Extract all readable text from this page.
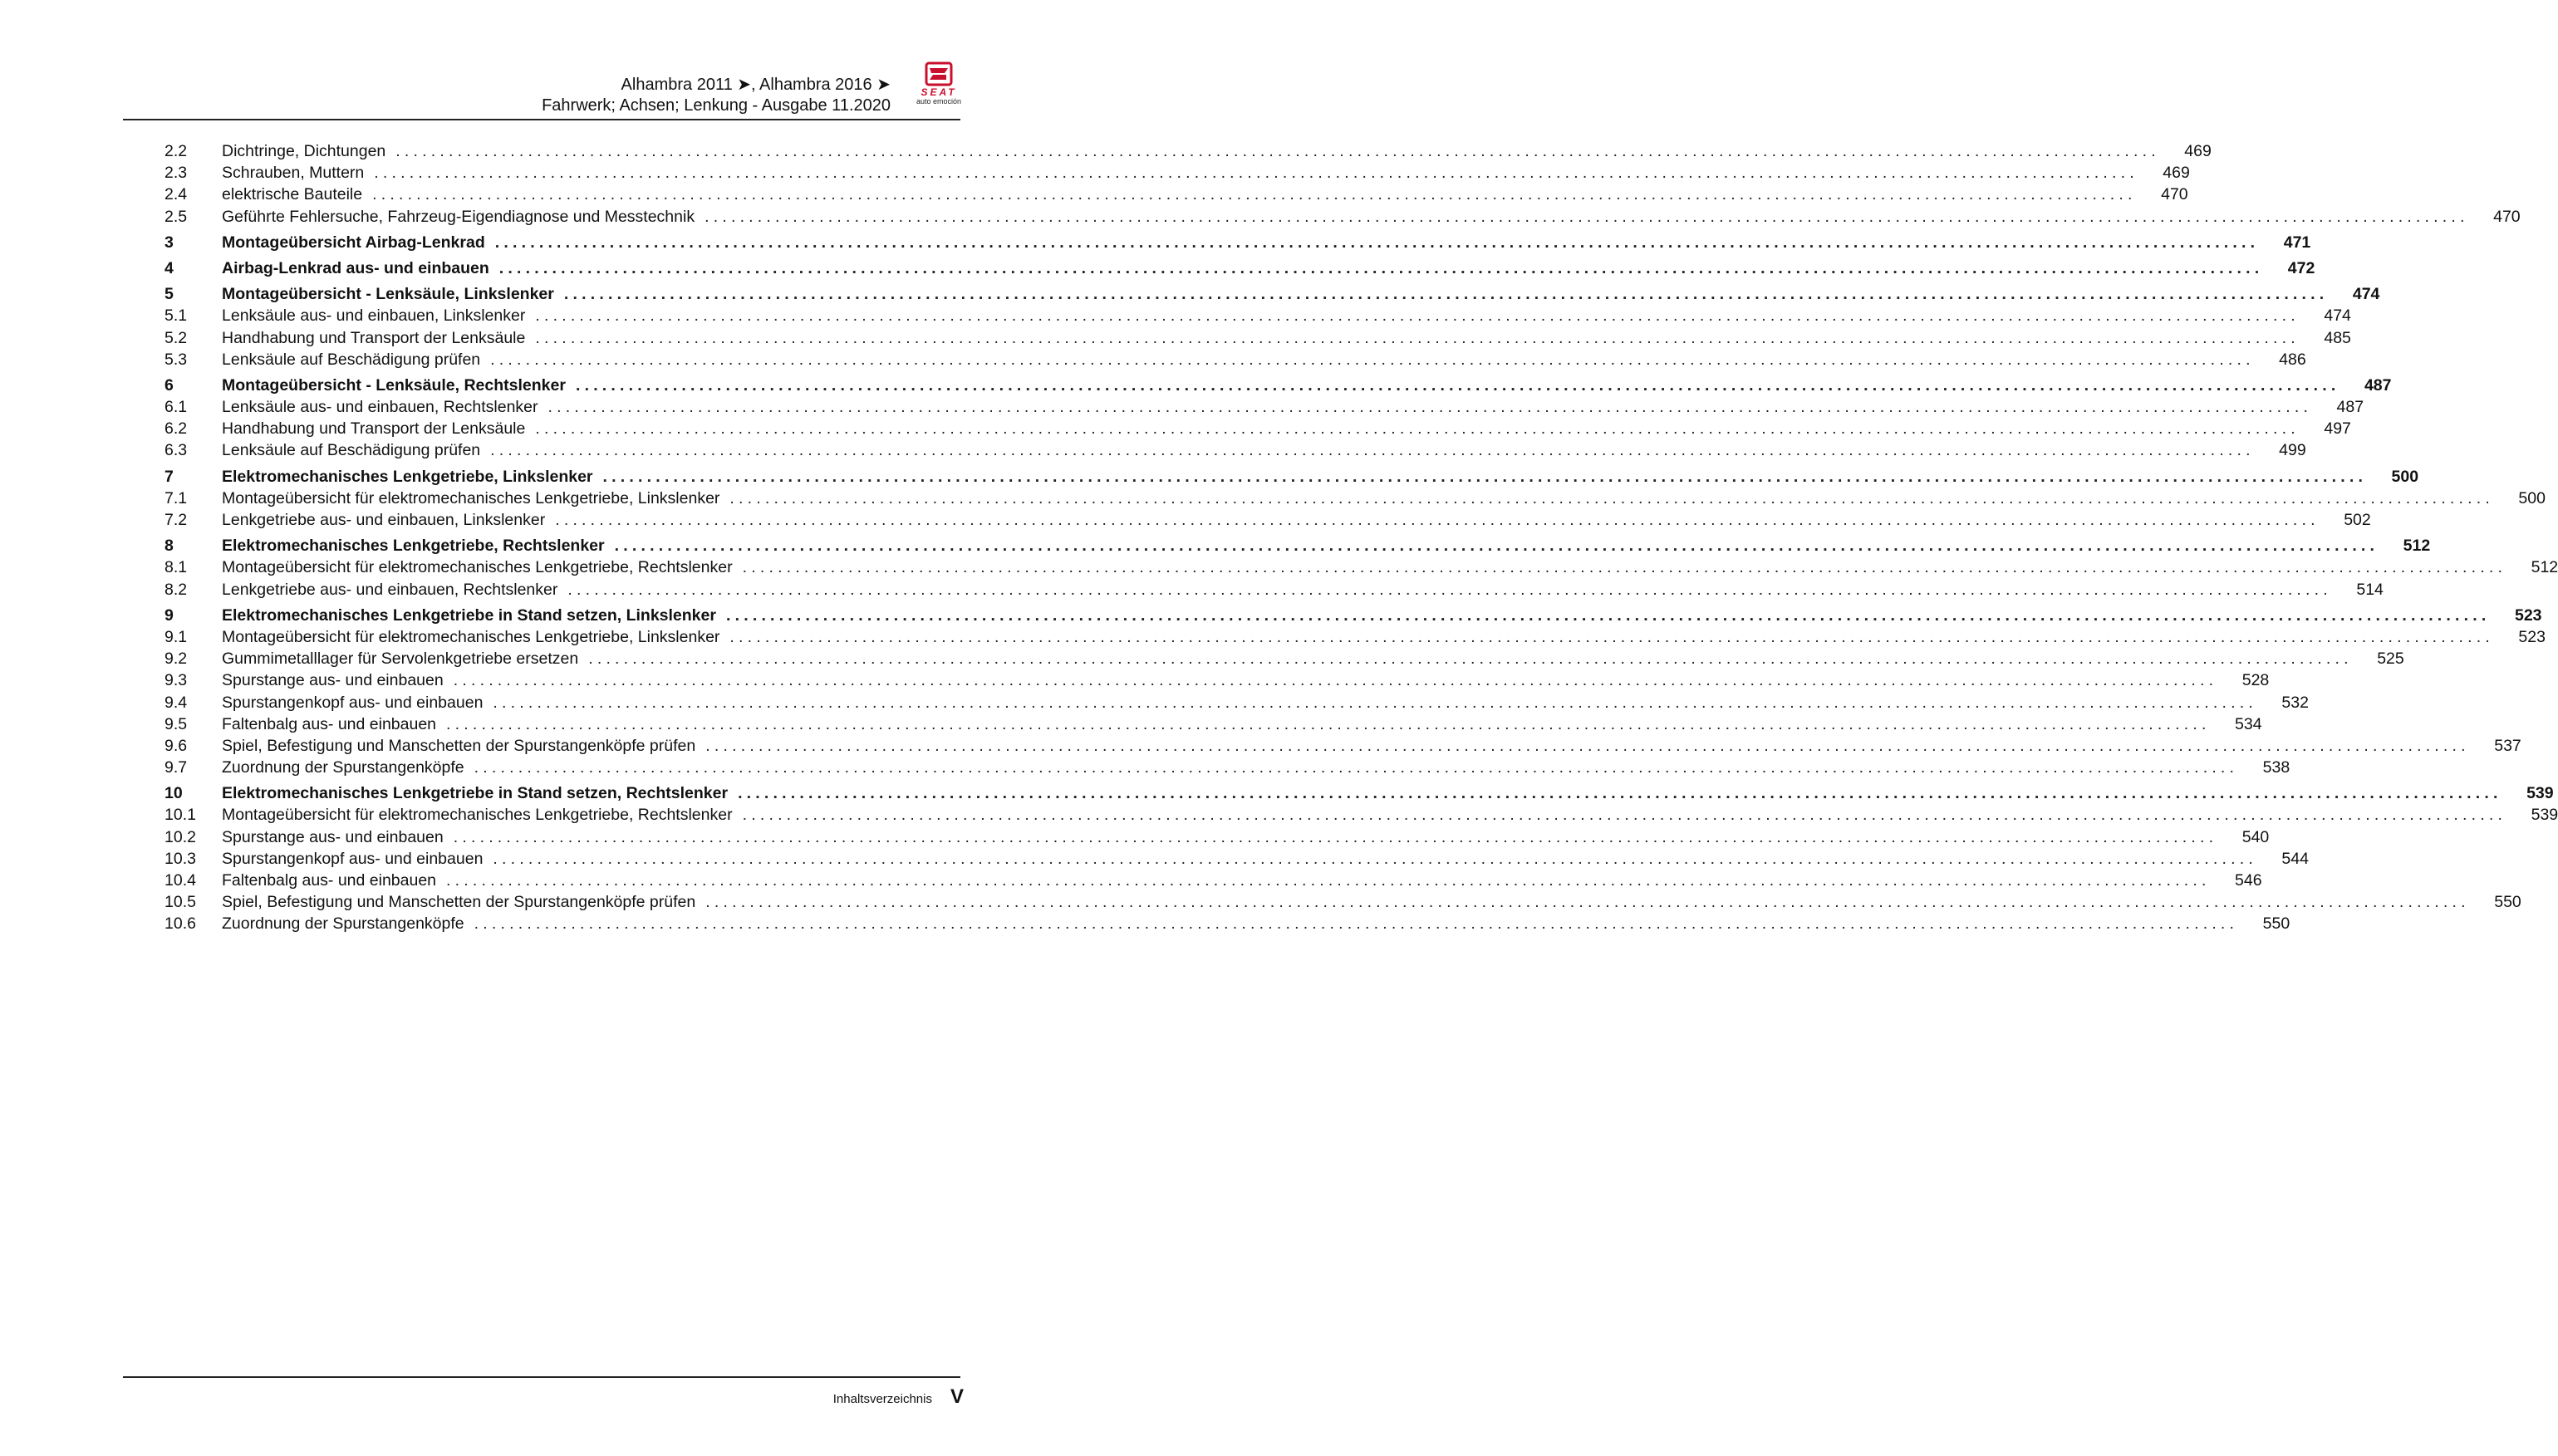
Alhambra 2011 ➤, Alhambra 2016 ➤
Fahrwerk; Achsen; Lenkung - Ausgabe 11.2020
SEAT
auto emoción
2.2	Dichtringe, Dichtungen ........................................................................................................................................................................................................	469
2.3	Schrauben, Muttern ........................................................................................................................................................................................................	469
2.4	elektrische Bauteile ........................................................................................................................................................................................................	470
2.5	Geführte Fehlersuche, Fahrzeug-Eigendiagnose und Messtechnik ........................................................................................................................................................................................................	470
3	Montageübersicht Airbag-Lenkrad ........................................................................................................................................................................................................	471
4	Airbag-Lenkrad aus- und einbauen ........................................................................................................................................................................................................	472
5	Montageübersicht - Lenksäule, Linkslenker ........................................................................................................................................................................................................	474
5.1	Lenksäule aus- und einbauen, Linkslenker ........................................................................................................................................................................................................	474
5.2	Handhabung und Transport der Lenksäule ........................................................................................................................................................................................................	485
5.3	Lenksäule auf Beschädigung prüfen ........................................................................................................................................................................................................	486
6	Montageübersicht - Lenksäule, Rechtslenker ........................................................................................................................................................................................................	487
6.1	Lenksäule aus- und einbauen, Rechtslenker ........................................................................................................................................................................................................	487
6.2	Handhabung und Transport der Lenksäule ........................................................................................................................................................................................................	497
6.3	Lenksäule auf Beschädigung prüfen ........................................................................................................................................................................................................	499
7	Elektromechanisches Lenkgetriebe, Linkslenker ........................................................................................................................................................................................................	500
7.1	Montageübersicht für elektromechanisches Lenkgetriebe, Linkslenker ........................................................................................................................................................................................................	500
7.2	Lenkgetriebe aus- und einbauen, Linkslenker ........................................................................................................................................................................................................	502
8	Elektromechanisches Lenkgetriebe, Rechtslenker ........................................................................................................................................................................................................	512
8.1	Montageübersicht für elektromechanisches Lenkgetriebe, Rechtslenker ........................................................................................................................................................................................................	512
8.2	Lenkgetriebe aus- und einbauen, Rechtslenker ........................................................................................................................................................................................................	514
9	Elektromechanisches Lenkgetriebe in Stand setzen, Linkslenker ........................................................................................................................................................................................................	523
9.1	Montageübersicht für elektromechanisches Lenkgetriebe, Linkslenker ........................................................................................................................................................................................................	523
9.2	Gummimetalllager für Servolenkgetriebe ersetzen ........................................................................................................................................................................................................	525
9.3	Spurstange aus- und einbauen ........................................................................................................................................................................................................	528
9.4	Spurstangenkopf aus- und einbauen ........................................................................................................................................................................................................	532
9.5	Faltenbalg aus- und einbauen ........................................................................................................................................................................................................	534
9.6	Spiel, Befestigung und Manschetten der Spurstangenköpfe prüfen ........................................................................................................................................................................................................	537
9.7	Zuordnung der Spurstangenköpfe ........................................................................................................................................................................................................	538
10	Elektromechanisches Lenkgetriebe in Stand setzen, Rechtslenker ........................................................................................................................................................................................................	539
10.1	Montageübersicht für elektromechanisches Lenkgetriebe, Rechtslenker ........................................................................................................................................................................................................	539
10.2	Spurstange aus- und einbauen ........................................................................................................................................................................................................	540
10.3	Spurstangenkopf aus- und einbauen ........................................................................................................................................................................................................	544
10.4	Faltenbalg aus- und einbauen ........................................................................................................................................................................................................	546
10.5	Spiel, Befestigung und Manschetten der Spurstangenköpfe prüfen ........................................................................................................................................................................................................	550
10.6	Zuordnung der Spurstangenköpfe ........................................................................................................................................................................................................	550
Inhaltsverzeichnis V
